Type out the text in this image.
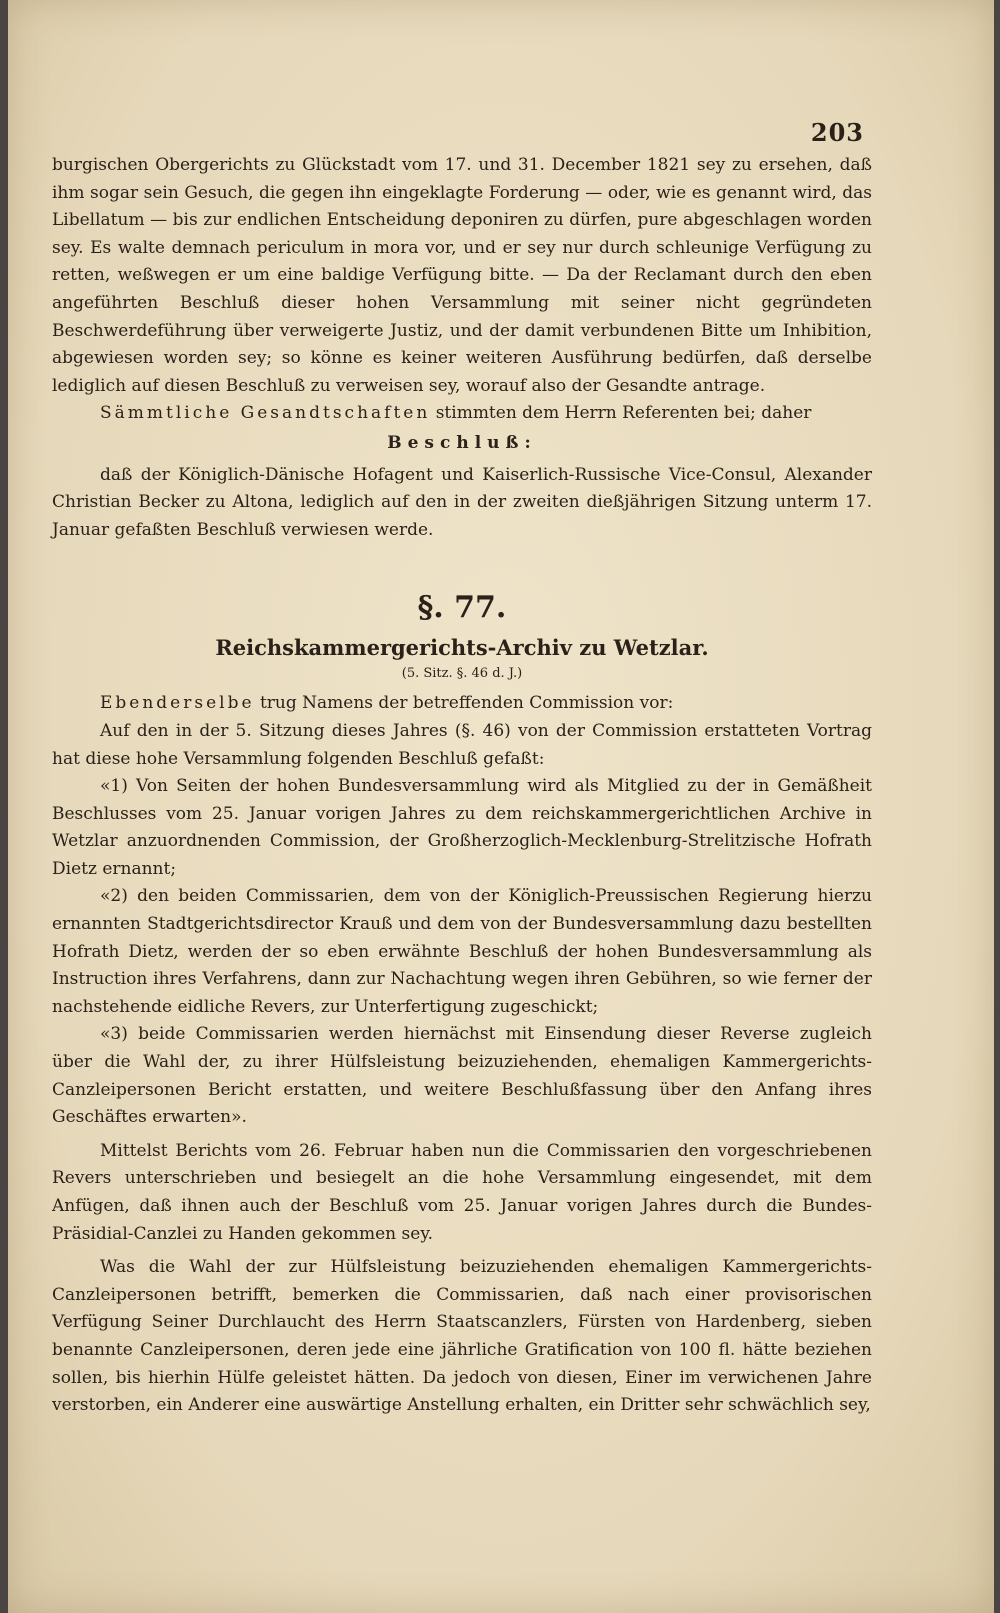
203

burgischen Obergerichts zu Glückstadt vom 17. und 31. December 1821 sey zu ersehen, daß ihm sogar sein Gesuch, die gegen ihn eingeklagte Forderung — oder, wie es genannt wird, das Libellatum — bis zur endlichen Entscheidung deponiren zu dürfen, pure abgeschlagen worden sey. Es walte demnach periculum in mora vor, und er sey nur durch schleunige Verfügung zu retten, weßwegen er um eine baldige Verfügung bitte. — Da der Reclamant durch den eben angeführten Beschluß dieser hohen Versammlung mit seiner nicht gegründeten Beschwerdeführung über verweigerte Justiz, und der damit verbundenen Bitte um Inhibition, abgewiesen worden sey; so könne es keiner weiteren Ausführung bedürfen, daß derselbe lediglich auf diesen Beschluß zu verweisen sey, worauf also der Gesandte antrage.

Sämmtliche Gesandtschaften stimmten dem Herrn Referenten bei; daher

Beschluß:

daß der Königlich-Dänische Hofagent und Kaiserlich-Russische Vice-Consul, Alexander Christian Becker zu Altona, lediglich auf den in der zweiten dießjährigen Sitzung unterm 17. Januar gefaßten Beschluß verwiesen werde.

§. 77.

Reichskammergerichts-Archiv zu Wetzlar.

(5. Sitz. §. 46 d. J.)

Ebenderselbe trug Namens der betreffenden Commission vor:

Auf den in der 5. Sitzung dieses Jahres (§. 46) von der Commission erstatteten Vortrag hat diese hohe Versammlung folgenden Beschluß gefaßt:

«1) Von Seiten der hohen Bundesversammlung wird als Mitglied zu der in Gemäßheit Beschlusses vom 25. Januar vorigen Jahres zu dem reichskammergerichtlichen Archive in Wetzlar anzuordnenden Commission, der Großherzoglich-Mecklenburg-Strelitzische Hofrath Dietz ernannt;

«2) den beiden Commissarien, dem von der Königlich-Preussischen Regierung hierzu ernannten Stadtgerichtsdirector Krauß und dem von der Bundesversammlung dazu bestellten Hofrath Dietz, werden der so eben erwähnte Beschluß der hohen Bundesversammlung als Instruction ihres Verfahrens, dann zur Nachachtung wegen ihren Gebühren, so wie ferner der nachstehende eidliche Revers, zur Unterfertigung zugeschickt;

«3) beide Commissarien werden hiernächst mit Einsendung dieser Reverse zugleich über die Wahl der, zu ihrer Hülfsleistung beizuziehenden, ehemaligen Kammergerichts-Canzleipersonen Bericht erstatten, und weitere Beschlußfassung über den Anfang ihres Geschäftes erwarten».

Mittelst Berichts vom 26. Februar haben nun die Commissarien den vorgeschriebenen Revers unterschrieben und besiegelt an die hohe Versammlung eingesendet, mit dem Anfügen, daß ihnen auch der Beschluß vom 25. Januar vorigen Jahres durch die Bundes-Präsidial-Canzlei zu Handen gekommen sey.

Was die Wahl der zur Hülfsleistung beizuziehenden ehemaligen Kammergerichts-Canzleipersonen betrifft, bemerken die Commissarien, daß nach einer provisorischen Verfügung Seiner Durchlaucht des Herrn Staatscanzlers, Fürsten von Hardenberg, sieben benannte Canzleipersonen, deren jede eine jährliche Gratification von 100 fl. hätte beziehen sollen, bis hierhin Hülfe geleistet hätten. Da jedoch von diesen, Einer im verwichenen Jahre verstorben, ein Anderer eine auswärtige Anstellung erhalten, ein Dritter sehr schwächlich sey,
